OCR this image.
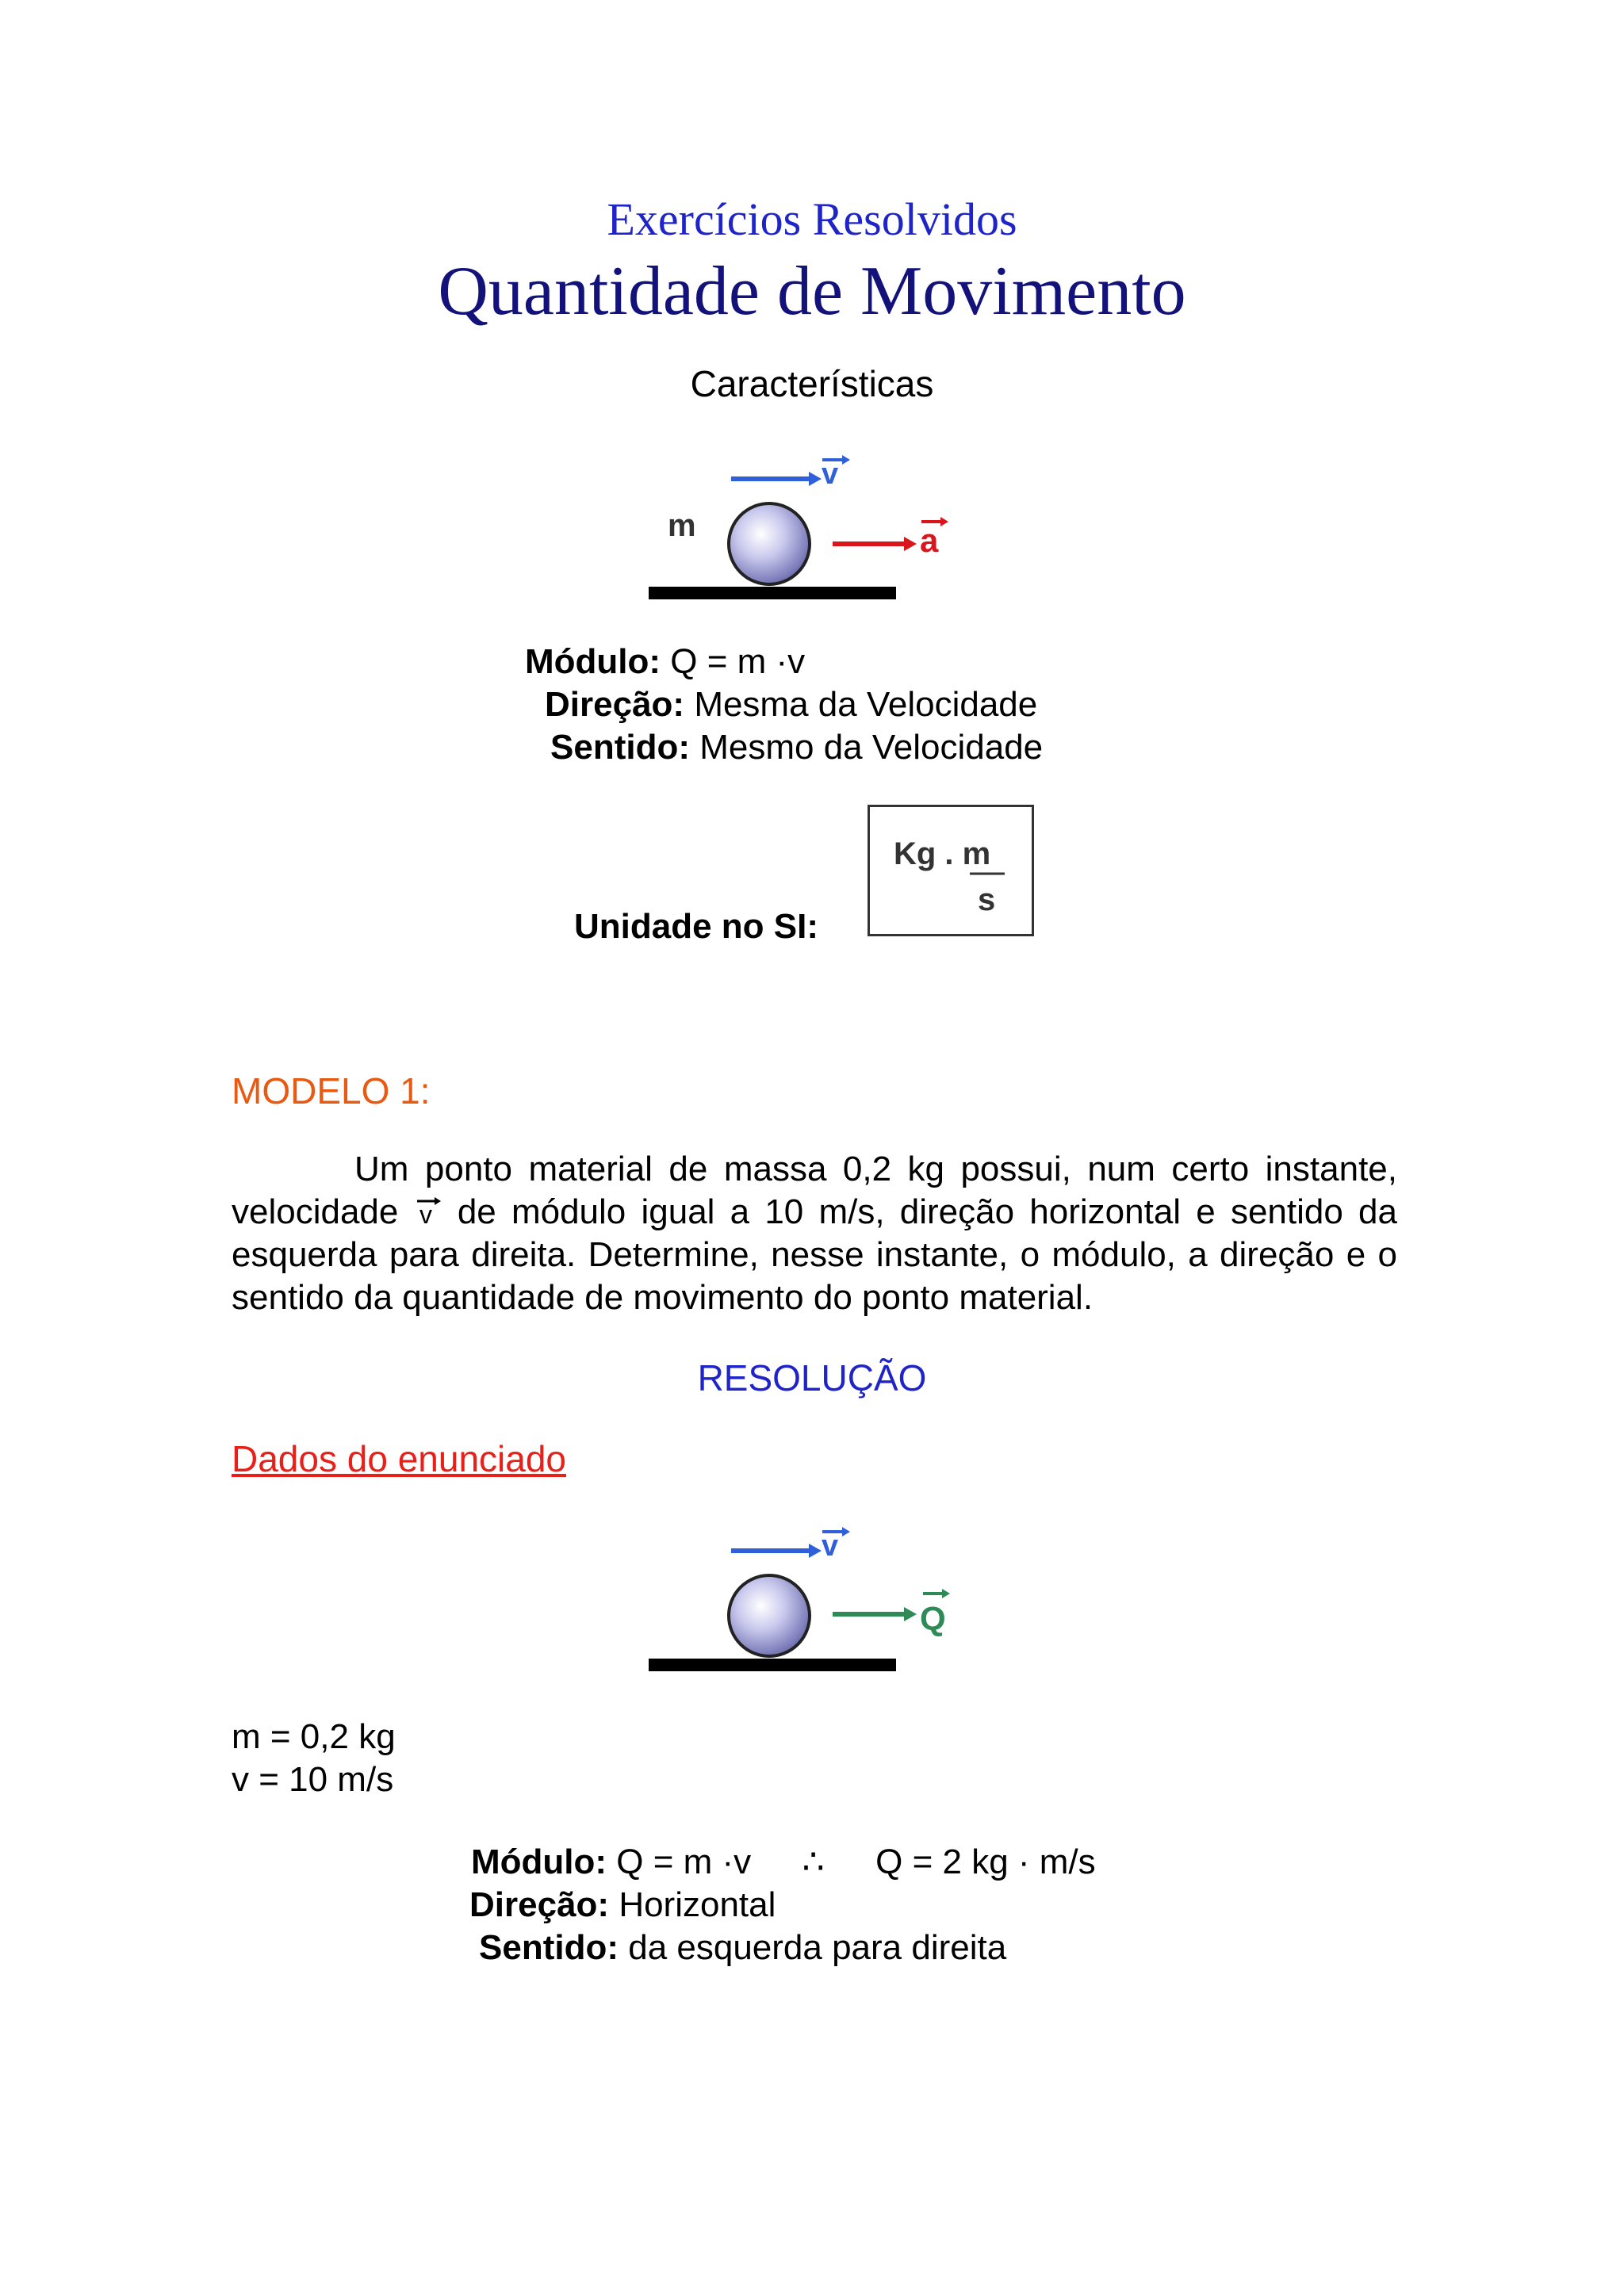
Exercícios Resolvidos
Quantidade de Movimento
Características
m
v
a
Módulo: Q = m ·v
Direção: Mesma da Velocidade
Sentido: Mesmo da Velocidade
Unidade no SI:
Kg . m
s
MODELO 1:
Um ponto material de massa 0,2 kg possui, num certo instante, velocidade v de módulo igual a 10 m/s, direção horizontal e sentido da esquerda para direita. Determine, nesse instante, o módulo, a direção e o sentido da quantidade de movimento do ponto material.
RESOLUÇÃO
Dados do enunciado
v
Q
m = 0,2 kg
v = 10 m/s
Módulo: Q = m ·v ∴ Q = 2 kg · m/s
Direção: Horizontal
Sentido: da esquerda para direita
